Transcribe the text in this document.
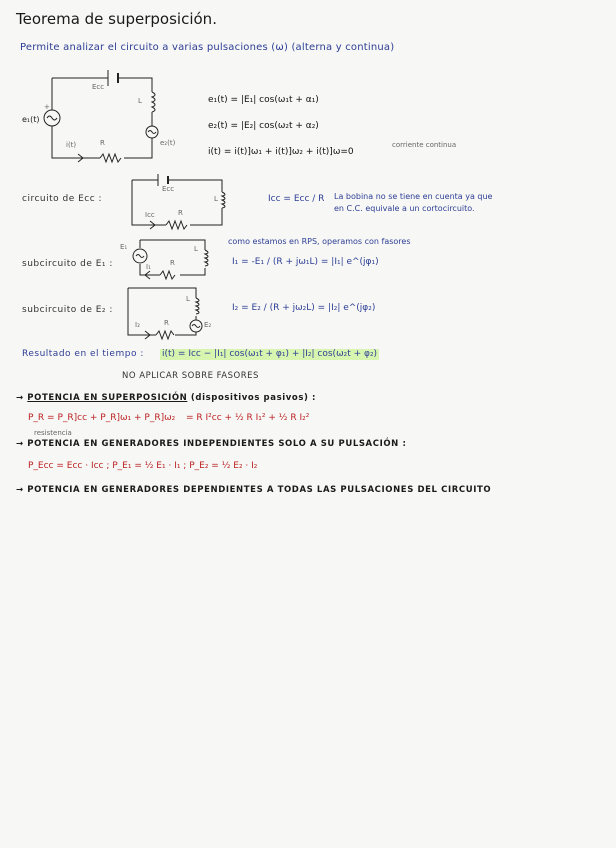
Teorema de superposición.
Permite analizar el circuito a varias pulsaciones (ω) (alterna y continua)
Ecc
L
e₁(t)
e₂(t)
R
i(t)
+
e₁(t) = |E₁| cos(ω₁t + α₁)
e₂(t) = |E₂| cos(ω₂t + α₂)
i(t) = i(t)]ω₁ + i(t)]ω₂ + i(t)]ω=0
corriente continua
circuito de Ecc :	Icc = Ecc / R La bobina no se tiene en cuenta ya que
en C.C. equivale a un cortocircuito.
Ecc
L
Icc	R
como estamos en RPS, operamos con fasores
subcircuito de E₁ :	I₁ = -E₁ / (R + jω₁L) = |I₁| e^(jφ₁)
E₁
I₁	R
L
subcircuito de E₂ :	I₂ = E₂ / (R + jω₂L) = |I₂| e^(jφ₂)
L
I₂	R	E₂
Resultado en el tiempo : i(t) = Icc − |I₁| cos(ω₁t + φ₁) + |I₂| cos(ω₂t + φ₂)
NO APLICAR SOBRE FASORES
→ POTENCIA EN SUPERPOSICIÓN (dispositivos pasivos) :
P_R = P_R]cc + P_R]ω₁ + P_R]ω₂ = R I²cc + ½ R I₁² + ½ R I₂²
resistencia
→ POTENCIA EN GENERADORES INDEPENDIENTES SOLO A SU PULSACIÓN :
P_Ecc = Ecc · Icc ; P_E₁ = ½ E₁ · I₁ ; P_E₂ = ½ E₂ · I₂
→ POTENCIA EN GENERADORES DEPENDIENTES A TODAS LAS PULSACIONES DEL CIRCUITO
